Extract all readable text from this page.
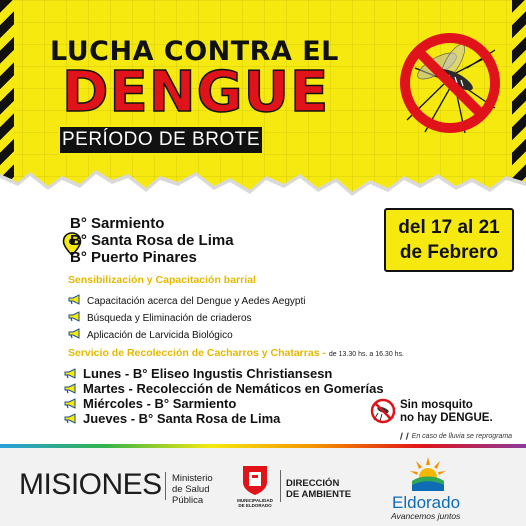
LUCHA CONTRA EL
DENGUE
PERÍODO DE BROTE
B° Sarmiento
B° Santa Rosa de Lima
B° Puerto Pinares
del 17 al 21
de Febrero
Sensibilización y Capacitación barrial
Capacitación acerca del Dengue y Aedes Aegypti
Búsqueda y Eliminación de criaderos
Aplicación de Larvicida Biológico
Servicio de Recolección de Cacharros y Chatarras - de 13.30 hs. a 16.30 hs.
Lunes - B° Eliseo Ingustis Christiansesn
Martes - Recolección de Nemáticos en Gomerías
Miércoles - B° Sarmiento
Jueves - B° Santa Rosa de Lima
Sin mosquito
no hay DENGUE.
❙❙ En caso de lluvia se reprograma
MISIONES Ministerio
de Salud
Pública	MUNICIPALIDAD
DE ELDORADO
DIRECCIÓN
DE AMBIENTE Eldorado
Avancemos juntos
